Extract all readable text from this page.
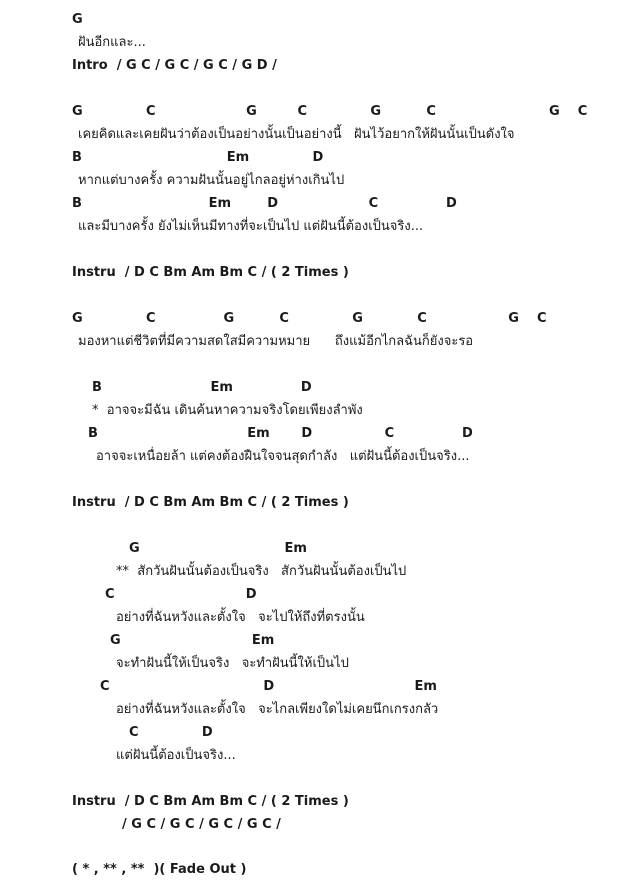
G

ฝันอีกและ...

Intro  / G C / G C / G C / G D /

G              C                    G         C              G          C                         G    C

เคยคิดและเคยฝันว่าต้องเป็นอย่างนั้นเป็นอย่างนี้   ฝันไว้อยากให้ฝันนั้นเป็นดังใจ

B                                Em              D

หากแต่บางครั้ง ความฝันนั้นอยู่ไกลอยู่ห่างเกินไป

B                            Em        D                    C               D

และมีบางครั้ง ยังไม่เห็นมีทางที่จะเป็นไป แต่ฝันนี้ต้องเป็นจริง...

Instru  / D C Bm Am Bm C / ( 2 Times )

G              C               G          C              G            C                  G    C

มองหาแต่ชีวิตที่มีความสดใสมีความหมาย      ถึงแม้อีกไกลฉันก็ยังจะรอ

B                        Em               D

*  อาจจะมีฉัน เดินค้นหาความจริงโดยเพียงลำพัง

B                                 Em       D                C               D

อาจจะเหนื่อยล้า แต่คงต้องฝืนใจจนสุดกำลัง   แต่ฝันนี้ต้องเป็นจริง...

Instru  / D C Bm Am Bm C / ( 2 Times )

G                                Em

**  สักวันฝันนั้นต้องเป็นจริง   สักวันฝันนั้นต้องเป็นไป

C                             D

อย่างที่ฉันหวังและตั้งใจ   จะไปให้ถึงที่ตรงนั้น

G                             Em

จะทำฝันนี้ให้เป็นจริง   จะทำฝันนี้ให้เป็นไป

C                                  D                               Em

อย่างที่ฉันหวังและตั้งใจ   จะไกลเพียงใดไม่เคยนึกเกรงกลัว

C              D

แต่ฝันนี้ต้องเป็นจริง...

Instru  / D C Bm Am Bm C / ( 2 Times )

/ G C / G C / G C / G C /

( * , ** , **  )( Fade Out )
